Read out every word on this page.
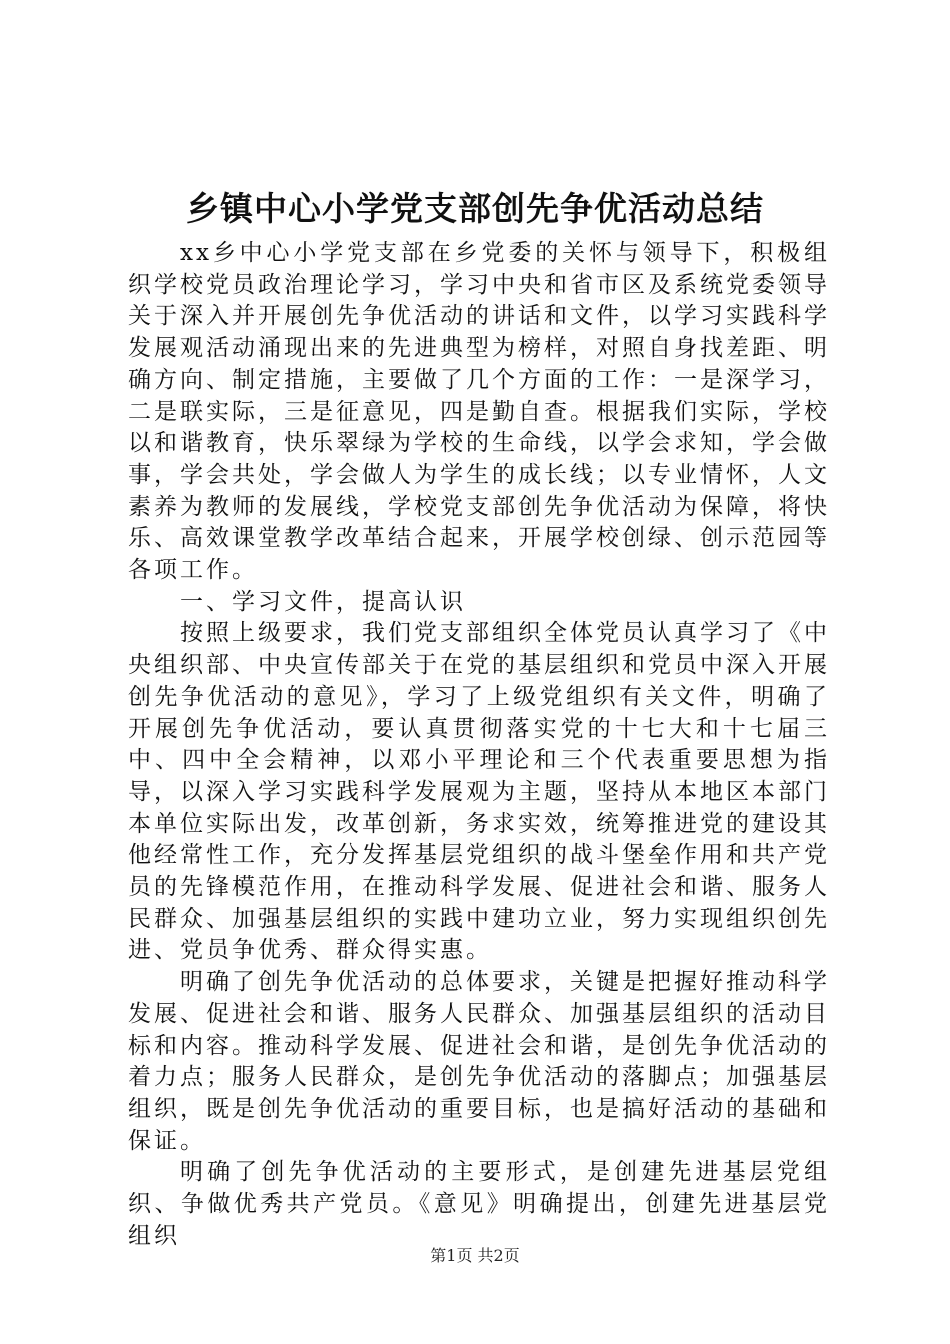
乡镇中心小学党支部创先争优活动总结

xx乡中心小学党支部在乡党委的关怀与领导下，积极组织学校党员政治理论学习，学习中央和省市区及系统党委领导关于深入并开展创先争优活动的讲话和文件，以学习实践科学发展观活动涌现出来的先进典型为榜样，对照自身找差距、明确方向、制定措施，主要做了几个方面的工作：一是深学习，二是联实际，三是征意见，四是勤自查。根据我们实际，学校以和谐教育，快乐翠绿为学校的生命线，以学会求知，学会做事，学会共处，学会做人为学生的成长线；以专业情怀，人文素养为教师的发展线，学校党支部创先争优活动为保障，将快乐、高效课堂教学改革结合起来，开展学校创绿、创示范园等各项工作。

一、学习文件，提高认识

按照上级要求，我们党支部组织全体党员认真学习了《中央组织部、中央宣传部关于在党的基层组织和党员中深入开展创先争优活动的意见》，学习了上级党组织有关文件，明确了开展创先争优活动，要认真贯彻落实党的十七大和十七届三中、四中全会精神，以邓小平理论和三个代表重要思想为指导，以深入学习实践科学发展观为主题，坚持从本地区本部门本单位实际出发，改革创新，务求实效，统筹推进党的建设其他经常性工作，充分发挥基层党组织的战斗堡垒作用和共产党员的先锋模范作用，在推动科学发展、促进社会和谐、服务人民群众、加强基层组织的实践中建功立业，努力实现组织创先进、党员争优秀、群众得实惠。

明确了创先争优活动的总体要求，关键是把握好推动科学发展、促进社会和谐、服务人民群众、加强基层组织的活动目标和内容。推动科学发展、促进社会和谐，是创先争优活动的着力点；服务人民群众，是创先争优活动的落脚点；加强基层组织，既是创先争优活动的重要目标，也是搞好活动的基础和保证。

明确了创先争优活动的主要形式，是创建先进基层党组织、争做优秀共产党员。《意见》明确提出，创建先进基层党组织

第1页 共2页
